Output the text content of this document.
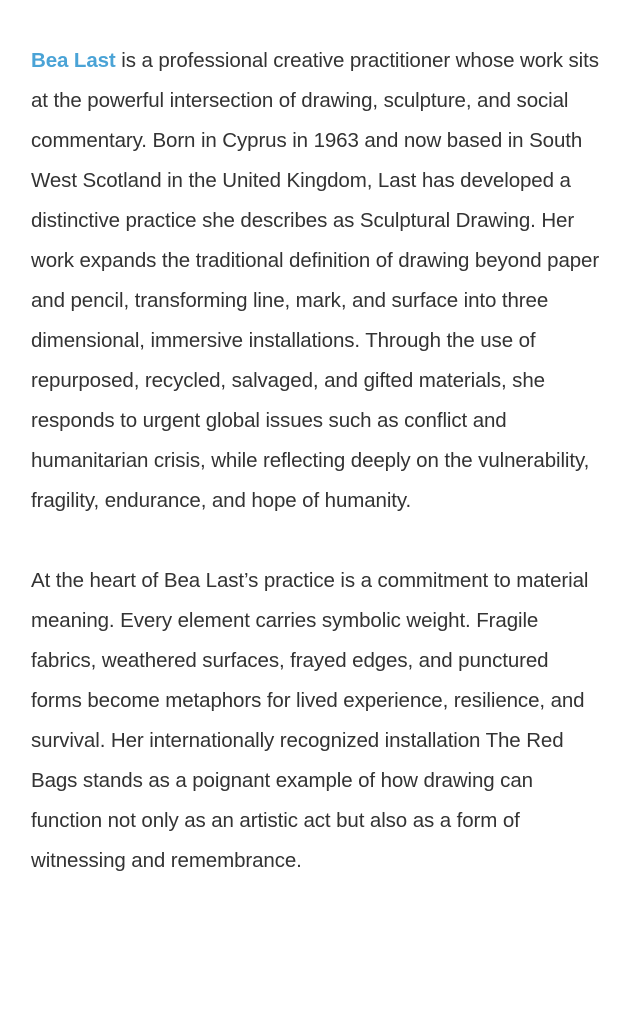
Bea Last is a professional creative practitioner whose work sits at the powerful intersection of drawing, sculpture, and social commentary. Born in Cyprus in 1963 and now based in South West Scotland in the United Kingdom, Last has developed a distinctive practice she describes as Sculptural Drawing. Her work expands the traditional definition of drawing beyond paper and pencil, transforming line, mark, and surface into three dimensional, immersive installations. Through the use of repurposed, recycled, salvaged, and gifted materials, she responds to urgent global issues such as conflict and humanitarian crisis, while reflecting deeply on the vulnerability, fragility, endurance, and hope of humanity.

At the heart of Bea Last’s practice is a commitment to material meaning. Every element carries symbolic weight. Fragile fabrics, weathered surfaces, frayed edges, and punctured forms become metaphors for lived experience, resilience, and survival. Her internationally recognized installation The Red Bags stands as a poignant example of how drawing can function not only as an artistic act but also as a form of witnessing and remembrance.
